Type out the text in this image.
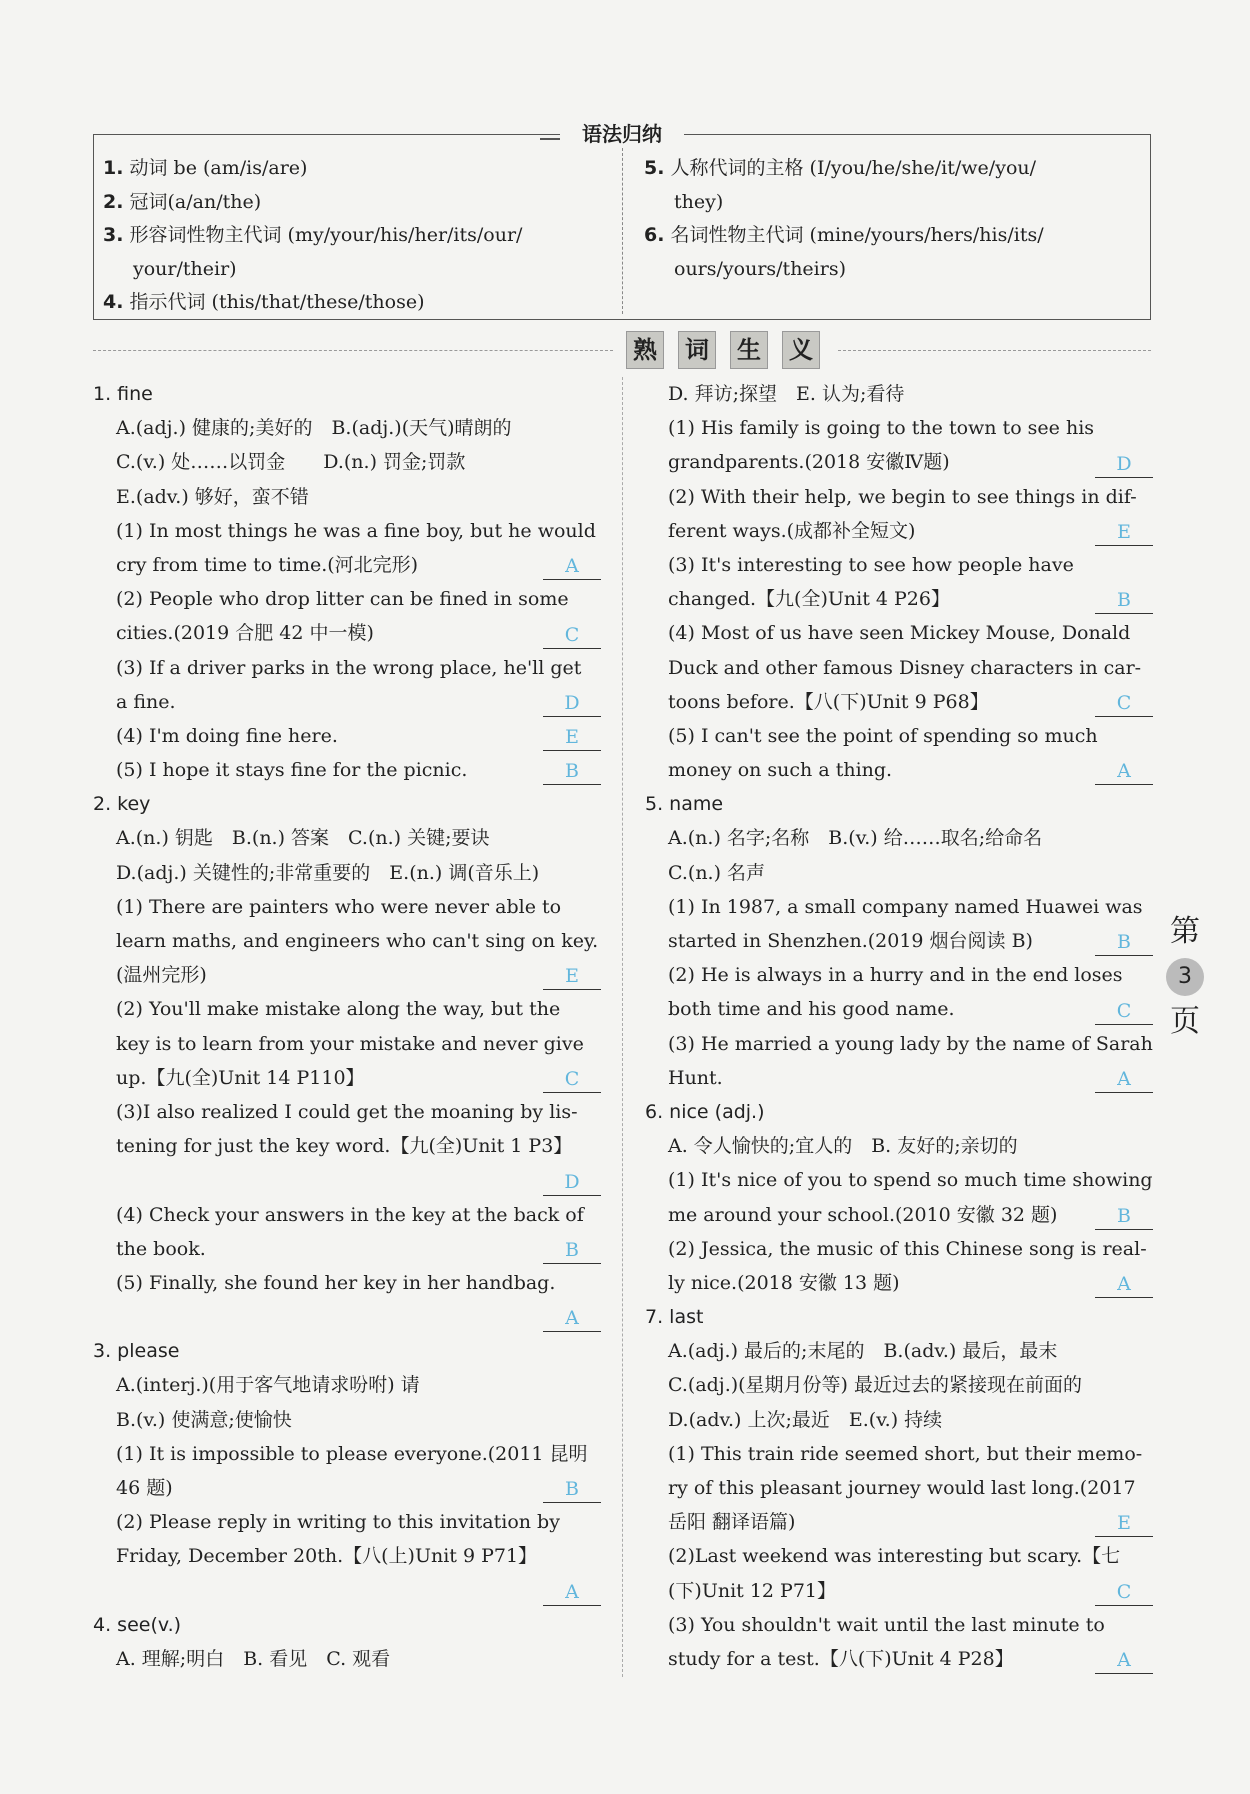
语法归纳
1. 动词 be (am/is/are)
2. 冠词(a/an/the)
3. 形容词性物主代词 (my/your/his/her/its/our/
your/their)
4. 指示代词 (this/that/these/those)
5. 人称代词的主格 (I/you/he/she/it/we/you/
they)
6. 名词性物主代词 (mine/yours/hers/his/its/
ours/yours/theirs)
熟 词 生 义
1. fine
A.(adj.) 健康的;美好的　B.(adj.)(天气)晴朗的
C.(v.) 处……以罚金　　D.(n.) 罚金;罚款
E.(adv.) 够好，蛮不错
(1) In most things he was a fine boy, but he would
cry from time to time.(河北完形)	A
(2) People who drop litter can be fined in some
cities.(2019 合肥 42 中一模)	C
(3) If a driver parks in the wrong place, he'll get
a fine.	D
(4) I'm doing fine here.	E
(5) I hope it stays fine for the picnic.	B
2. key
A.(n.) 钥匙　B.(n.) 答案　C.(n.) 关键;要诀
D.(adj.) 关键性的;非常重要的　E.(n.) 调(音乐上)
(1) There are painters who were never able to
learn maths, and engineers who can't sing on key.
(温州完形)	E
(2) You'll make mistake along the way, but the
key is to learn from your mistake and never give
up.【九(全)Unit 14 P110】	C
(3)I also realized I could get the moaning by lis-
tening for just the key word.【九(全)Unit 1 P3】
D
(4) Check your answers in the key at the back of
the book.	B
(5) Finally, she found her key in her handbag.
A
3. please
A.(interj.)(用于客气地请求吩咐) 请
B.(v.) 使满意;使愉快
(1) It is impossible to please everyone.(2011 昆明
46 题)	B
(2) Please reply in writing to this invitation by
Friday, December 20th.【八(上)Unit 9 P71】
A
4. see(v.)
A. 理解;明白　B. 看见　C. 观看
D. 拜访;探望　E. 认为;看待
(1) His family is going to the town to see his
grandparents.(2018 安徽Ⅳ题)	D
(2) With their help, we begin to see things in dif-
ferent ways.(成都补全短文)	E
(3) It's interesting to see how people have
changed.【九(全)Unit 4 P26】	B
(4) Most of us have seen Mickey Mouse, Donald
Duck and other famous Disney characters in car-
toons before.【八(下)Unit 9 P68】	C
(5) I can't see the point of spending so much
money on such a thing.	A
5. name
A.(n.) 名字;名称　B.(v.) 给……取名;给命名
C.(n.) 名声
(1) In 1987, a small company named Huawei was
started in Shenzhen.(2019 烟台阅读 B)	B
(2) He is always in a hurry and in the end loses
both time and his good name.	C
(3) He married a young lady by the name of Sarah
Hunt.	A
6. nice (adj.)
A. 令人愉快的;宜人的　B. 友好的;亲切的
(1) It's nice of you to spend so much time showing
me around your school.(2010 安徽 32 题)	B
(2) Jessica, the music of this Chinese song is real-
ly nice.(2018 安徽 13 题)	A
7. last
A.(adj.) 最后的;末尾的　B.(adv.) 最后，最末
C.(adj.)(星期月份等) 最近过去的紧接现在前面的
D.(adv.) 上次;最近　E.(v.) 持续
(1) This train ride seemed short, but their memo-
ry of this pleasant journey would last long.(2017
岳阳 翻译语篇)	E
(2)Last weekend was interesting but scary.【七
(下)Unit 12 P71】	C
(3) You shouldn't wait until the last minute to
study for a test.【八(下)Unit 4 P28】	A
第
3
页
